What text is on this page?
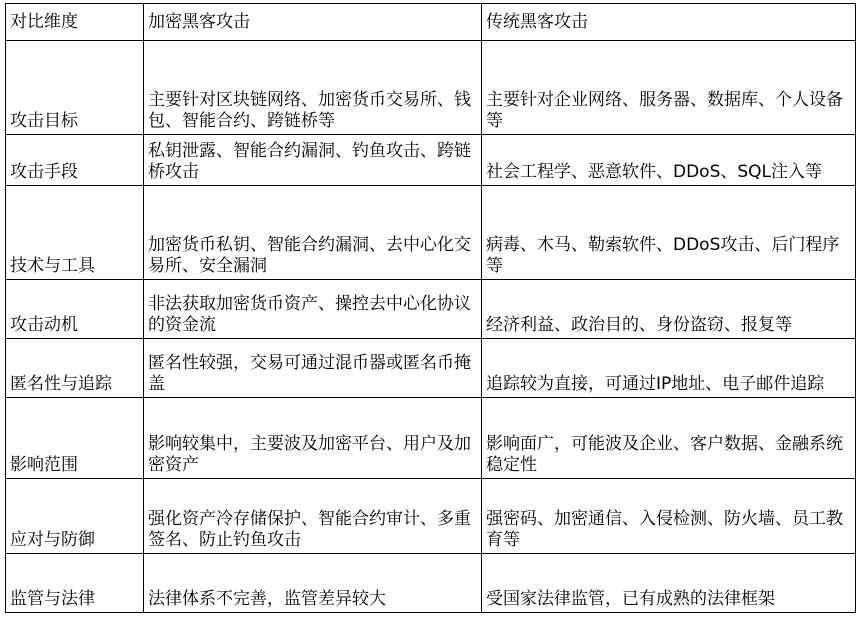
对比维度	加密黑客攻击	传统黑客攻击
攻击目标	主要针对区块链网络、加密货币交易所、钱包、智能合约、跨链桥等	主要针对企业网络、服务器、数据库、个人设备等
攻击手段	私钥泄露、智能合约漏洞、钓鱼攻击、跨链桥攻击	社会工程学、恶意软件、DDoS、SQL注入等
技术与工具	加密货币私钥、智能合约漏洞、去中心化交易所、安全漏洞	病毒、木马、勒索软件、DDoS攻击、后门程序等
攻击动机	非法获取加密货币资产、操控去中心化协议的资金流	经济利益、政治目的、身份盗窃、报复等
匿名性与追踪	匿名性较强，交易可通过混币器或匿名币掩盖	追踪较为直接，可通过IP地址、电子邮件追踪
影响范围	影响较集中，主要波及加密平台、用户及加密资产	影响面广，可能波及企业、客户数据、金融系统稳定性
应对与防御	强化资产冷存储保护、智能合约审计、多重签名、防止钓鱼攻击	强密码、加密通信、入侵检测、防火墙、员工教育等
监管与法律	法律体系不完善，监管差异较大	受国家法律监管，已有成熟的法律框架
